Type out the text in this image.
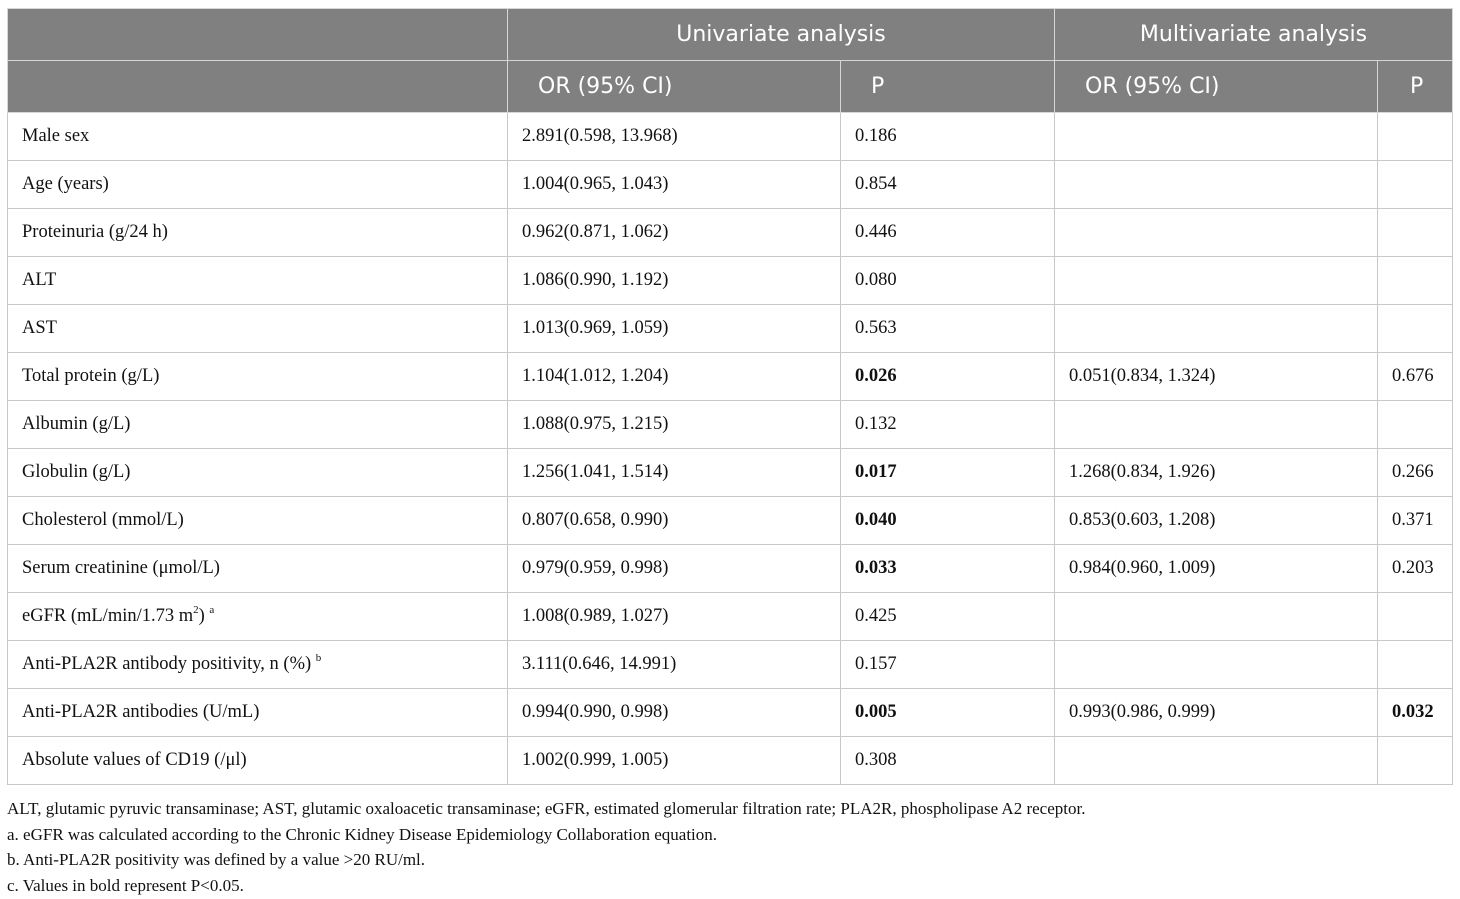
	Univariate analysis		Multivariate analysis	
	OR (95% CI)	P	OR (95% CI)	P
Male sex	2.891(0.598, 13.968)	0.186		
Age (years)	1.004(0.965, 1.043)	0.854		
Proteinuria (g/24 h)	0.962(0.871, 1.062)	0.446		
ALT	1.086(0.990, 1.192)	0.080		
AST	1.013(0.969, 1.059)	0.563		
Total protein (g/L)	1.104(1.012, 1.204)	0.026	0.051(0.834, 1.324)	0.676
Albumin (g/L)	1.088(0.975, 1.215)	0.132		
Globulin (g/L)	1.256(1.041, 1.514)	0.017	1.268(0.834, 1.926)	0.266
Cholesterol (mmol/L)	0.807(0.658, 0.990)	0.040	0.853(0.603, 1.208)	0.371
Serum creatinine (μmol/L)	0.979(0.959, 0.998)	0.033	0.984(0.960, 1.009)	0.203
eGFR (mL/min/1.73 $m^2$) $^a$	1.008(0.989, 1.027)	0.425		
Anti-PLA2R antibody positivity, n (%) $^b$	3.111(0.646, 14.991)	0.157		
Anti-PLA2R antibodies (U/mL)	0.994(0.990, 0.998)	0.005	0.993(0.986, 0.999)	0.032
Absolute values of CD19 (/μl)	1.002(0.999, 1.005)	0.308		
ALT, glutamic pyruvic transaminase; AST, glutamic oxaloacetic transaminase; eGFR, estimated glomerular filtration rate; PLA2R, phospholipase A2 receptor.
a. eGFR was calculated according to the Chronic Kidney Disease Epidemiology Collaboration equation.
b. Anti-PLA2R positivity was defined by a value >20 RU/ml.
c. Values in bold represent P<0.05.
